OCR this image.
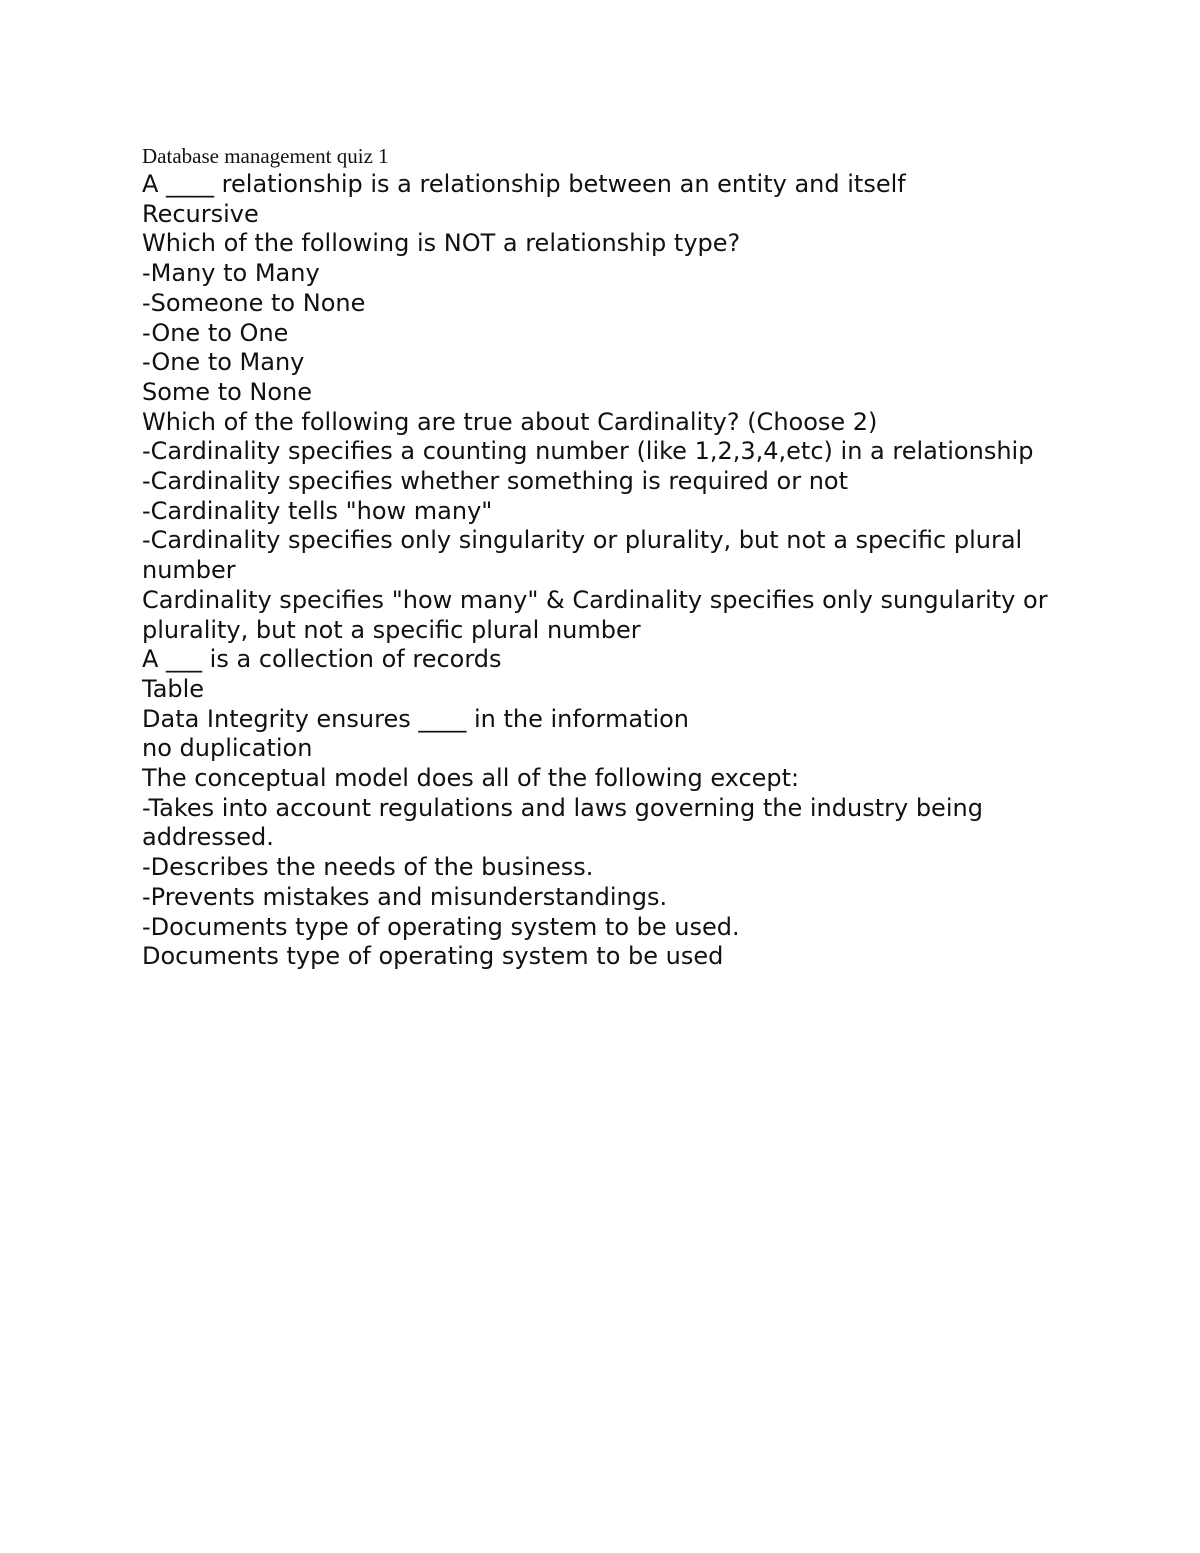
Database management quiz 1

A ____ relationship is a relationship between an entity and itself

Recursive

Which of the following is NOT a relationship type?

-Many to Many

-Someone to None

-One to One

-One to Many

Some to None

Which of the following are true about Cardinality? (Choose 2)

-Cardinality specifies a counting number (like 1,2,3,4,etc) in a relationship

-Cardinality specifies whether something is required or not

-Cardinality tells "how many"

-Cardinality specifies only singularity or plurality, but not a specific plural number

Cardinality specifies "how many" & Cardinality specifies only sungularity or plurality, but not a specific plural number

A ___ is a collection of records

Table

Data Integrity ensures ____ in the information

no duplication

The conceptual model does all of the following except:

-Takes into account regulations and laws governing the industry being addressed.

-Describes the needs of the business.

-Prevents mistakes and misunderstandings.

-Documents type of operating system to be used.

Documents type of operating system to be used
